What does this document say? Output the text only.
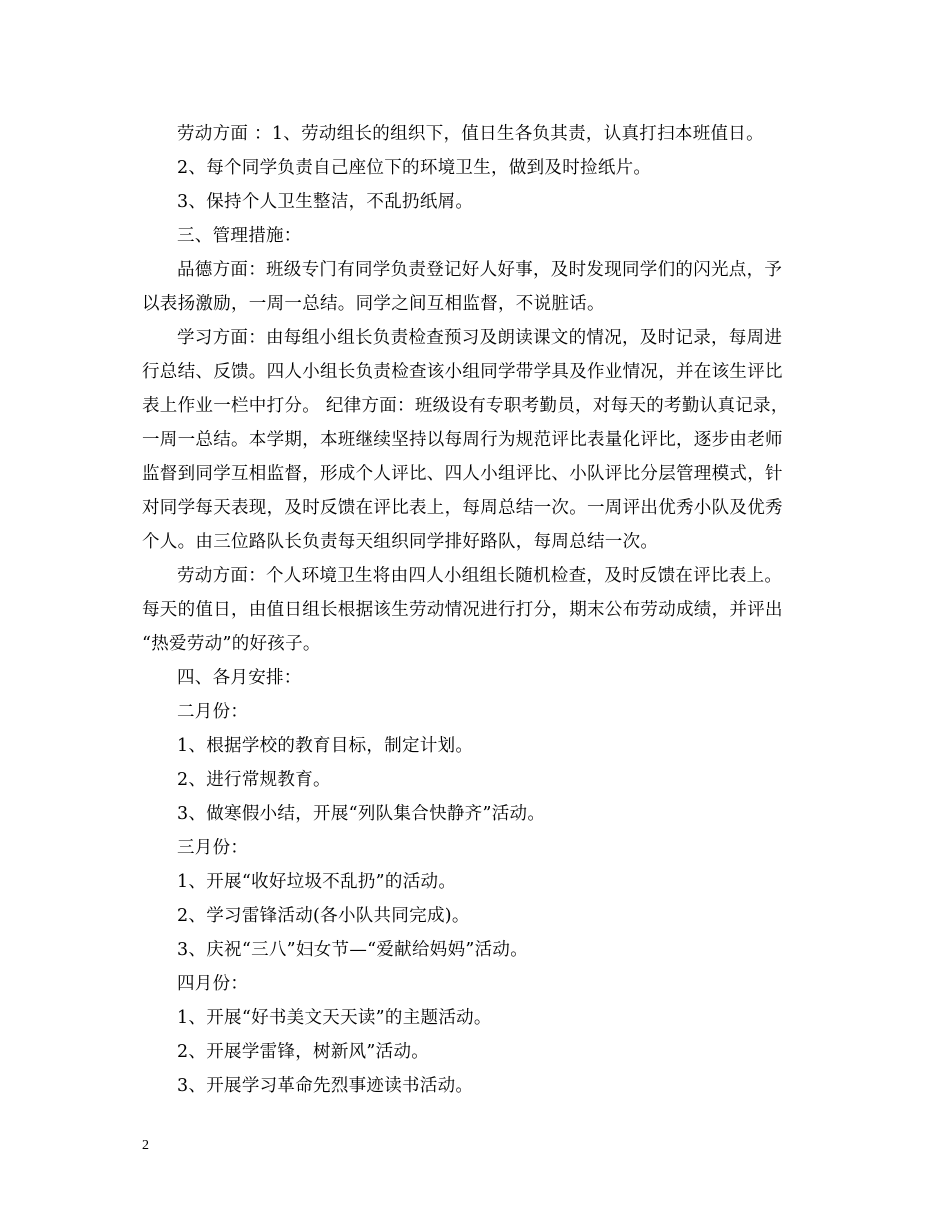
劳动方面 ：1、劳动组长的组织下，值日生各负其责，认真打扫本班值日。
2、每个同学负责自己座位下的环境卫生，做到及时捡纸片。
3、保持个人卫生整洁，不乱扔纸屑。
三、管理措施：
品德方面：班级专门有同学负责登记好人好事，及时发现同学们的闪光点，予
以表扬激励，一周一总结。同学之间互相监督，不说脏话。
学习方面：由每组小组长负责检查预习及朗读课文的情况，及时记录，每周进
行总结、反馈。四人小组长负责检查该小组同学带学具及作业情况，并在该生评比
表上作业一栏中打分。 纪律方面：班级设有专职考勤员，对每天的考勤认真记录，
一周一总结。本学期，本班继续坚持以每周行为规范评比表量化评比，逐步由老师
监督到同学互相监督，形成个人评比、四人小组评比、小队评比分层管理模式，针
对同学每天表现，及时反馈在评比表上，每周总结一次。一周评出优秀小队及优秀
个人。由三位路队长负责每天组织同学排好路队，每周总结一次。
劳动方面：个人环境卫生将由四人小组组长随机检查，及时反馈在评比表上。
每天的值日，由值日组长根据该生劳动情况进行打分，期末公布劳动成绩，并评出
“热爱劳动”的好孩子。
四、各月安排：
二月份：
1、根据学校的教育目标，制定计划。
2、进行常规教育。
3、做寒假小结，开展“列队集合快静齐”活动。
三月份：
1、开展“收好垃圾不乱扔”的活动。
2、学习雷锋活动(各小队共同完成)。
3、庆祝“三八”妇女节—“爱献给妈妈”活动。
四月份：
1、开展“好书美文天天读”的主题活动。
2、开展学雷锋，树新风”活动。
3、开展学习革命先烈事迹读书活动。
2
